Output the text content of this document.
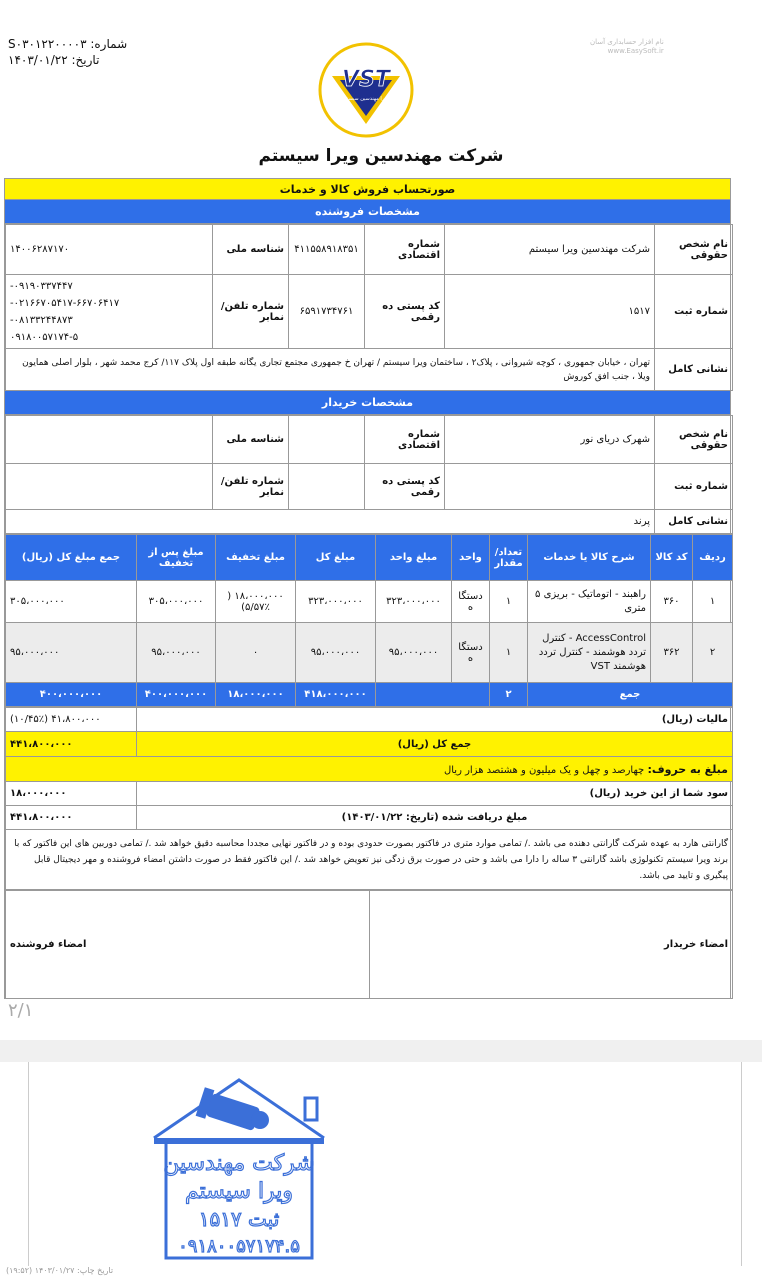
شماره: S۰۳۰۱۲۲۰۰۰۰۳
تاریخ: ۱۴۰۳/۰۱/۲۲
نام افزار حسابداری آسان
www.EasySoft.ir
VST
ویرا مهندسین سیستم
شرکت مهندسین ویرا سیستم
صورتحساب فروش کالا و خدمات
مشخصات فروشنده
نام شخص حقوقی	شرکت مهندسین ویرا سیستم	شماره اقتصادی	۴۱۱۵۵۸۹۱۸۳۵۱	شناسه ملی	۱۴۰۰۶۲۸۷۱۷۰
شماره ثبت	۱۵۱۷	کد پستی ده رقمی	۶۵۹۱۷۳۴۷۶۱	شماره تلفن/ نمابر	۰۹۱۹۰۳۳۷۴۴۷-
۰۲۱۶۶۷۰۵۴۱۷-۶۶۷۰۶۴۱۷-
۰۸۱۳۳۲۴۴۸۷۳-
۰۹۱۸۰۰۵۷۱۷۴-۵

نشانی کامل	تهران ، خیابان جمهوری ، کوچه شیروانی ، پلاک۲ ، ساختمان ویرا سیستم / تهران خ جمهوری مجتمع تجاری یگانه طبقه اول پلاک ۱۱۷/ کرج محمد شهر ، بلوار اصلی همایون ویلا ، جنب افق کوروش				
مشخصات خریدار
نام شخص حقوقی	شهرک دریای نور	شماره اقتصادی		شناسه ملی	
شماره ثبت		کد پستی ده رقمی		شماره تلفن/ نمابر	
نشانی کامل	پرند				
ردیف	کد کالا	شرح کالا یا خدمات	تعداد/ مقدار	واحد	مبلغ واحد	مبلغ کل	مبلغ تخفیف	مبلغ پس از تخفیف	جمع مبلغ کل (ریال)
۱	۳۶۰	راهبند - اتوماتیک - بریزی ۵ متری	۱	دستگاه	۳۲۳،۰۰۰،۰۰۰	۳۲۳،۰۰۰،۰۰۰	۱۸،۰۰۰،۰۰۰ ( ۵/۵۷٪)	۳۰۵،۰۰۰،۰۰۰	۳۰۵،۰۰۰،۰۰۰
۲	۳۶۲	AccessControl - کنترل تردد هوشمند - کنترل تردد هوشمند VST	۱	دستگاه	۹۵،۰۰۰،۰۰۰	۹۵،۰۰۰،۰۰۰	۰	۹۵،۰۰۰،۰۰۰	۹۵،۰۰۰،۰۰۰
جمع			۲			۴۱۸،۰۰۰،۰۰۰	۱۸،۰۰۰،۰۰۰	۴۰۰،۰۰۰،۰۰۰	۴۰۰،۰۰۰،۰۰۰
مالیات (ریال)	۴۱،۸۰۰،۰۰۰ (۱۰/۴۵٪)
جمع کل (ریال)	۴۴۱،۸۰۰،۰۰۰
مبلغ به حروف: چهارصد و چهل و یک میلیون و هشتصد هزار ریال	
سود شما از این خرید (ریال)	۱۸،۰۰۰،۰۰۰
مبلغ دریافت شده (تاریخ: ۱۴۰۳/۰۱/۲۲)	۴۴۱،۸۰۰،۰۰۰
گارانتی هارد به عهده شرکت گارانتی دهنده می باشد ./ تمامی موارد متری در فاکتور بصورت حدودی بوده و در فاکتور نهایی مجددا محاسبه دقیق خواهد شد ./ تمامی دوربین های این فاکتور که با برند ویرا سیستم تکنولوژی باشد گارانتی ۳ ساله را دارا می باشد و حتی در صورت برق زدگی نیز تعویض خواهد شد ./ این فاکتور فقط در صورت داشتن امضاء فروشنده و مهر دیجیتال قابل پیگیری و تایید می باشد.	
امضاء خریدار	امضاء فروشنده
۲/۱
شرکت مهندسین
ویرا سیستم
ثبت ۱۵۱۷
۰۹۱۸۰۰۵۷۱۷۴.۵
تاریخ چاپ: ۱۴۰۳/۰۱/۲۷ (۱۹:۵۲)
